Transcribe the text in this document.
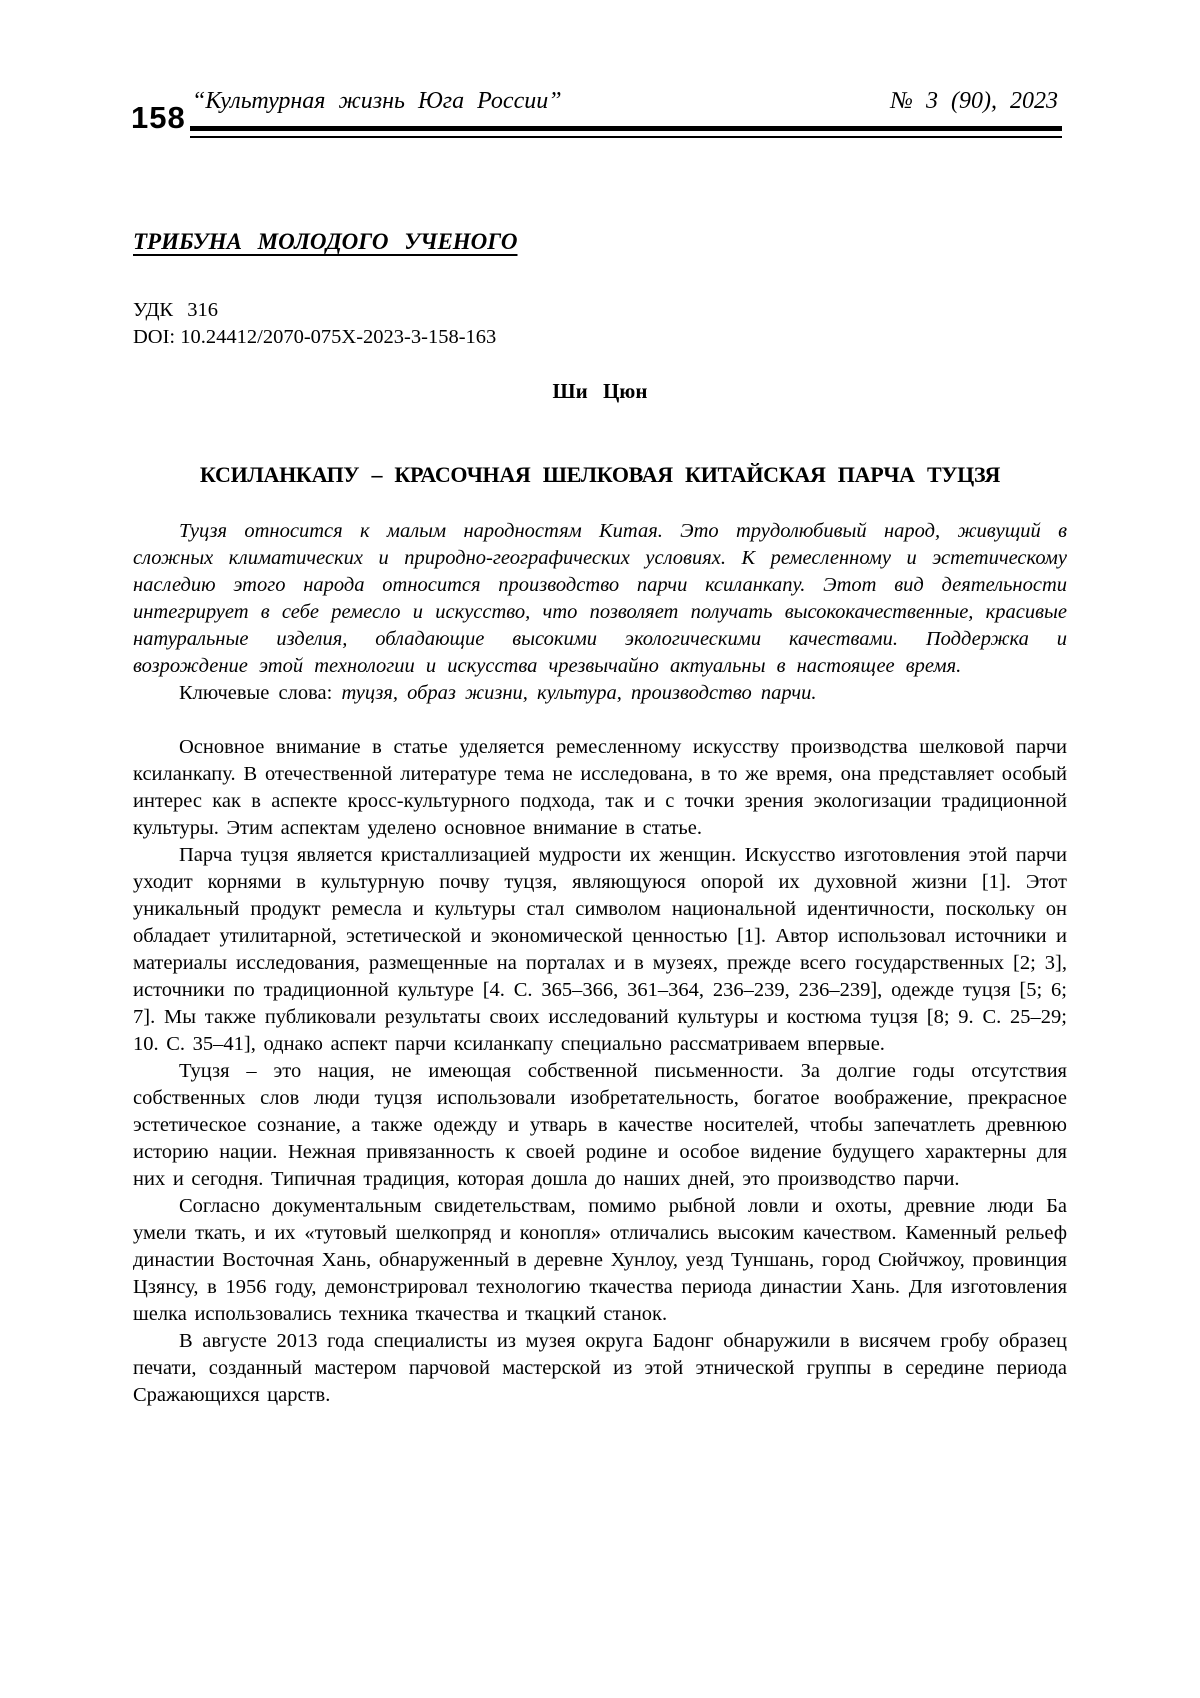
158 “Культурная жизнь Юга России”	№ 3 (90), 2023
ТРИБУНА МОЛОДОГО УЧЕНОГО
УДК 316
DOI: 10.24412/2070-075X-2023-3-158-163
Ши Цюн
КСИЛАНКАПУ – КРАСОЧНАЯ ШЕЛКОВАЯ КИТАЙСКАЯ ПАРЧА ТУЦЗЯ

Туцзя относится к малым народностям Китая. Это трудолюбивый народ, живущий в сложных климатических и природно-географических условиях. К ремесленному и эстетическому наследию этого народа относится производство парчи ксиланкапу. Этот вид деятельности интегрирует в себе ремесло и искусство, что позволяет получать высококачественные, красивые натуральные изделия, обладающие высокими экологическими качествами. Поддержка и возрождение этой технологии и искусства чрезвычайно актуальны в настоящее время.

Ключевые слова: туцзя, образ жизни, культура, производство парчи.

Основное внимание в статье уделяется ремесленному искусству производства шелковой парчи ксиланкапу. В отечественной литературе тема не исследована, в то же время, она представляет особый интерес как в аспекте кросс-культурного подхода, так и с точки зрения экологизации традиционной культуры. Этим аспектам уделено основное внимание в статье.

Парча туцзя является кристаллизацией мудрости их женщин. Искусство изготовления этой парчи уходит корнями в культурную почву туцзя, являющуюся опорой их духовной жизни [1]. Этот уникальный продукт ремесла и культуры стал символом национальной идентичности, поскольку он обладает утилитарной, эстетической и экономической ценностью [1]. Автор использовал источники и материалы исследования, размещенные на порталах и в музеях, прежде всего государственных [2; 3], источники по традиционной культуре [4. С. 365–366, 361–364, 236–239, 236–239], одежде туцзя [5; 6; 7]. Мы также публиковали результаты своих исследований культуры и костюма туцзя [8; 9. С. 25–29; 10. С. 35–41], однако аспект парчи ксиланкапу специально рассматриваем впервые.

Туцзя – это нация, не имеющая собственной письменности. За долгие годы отсутствия собственных слов люди туцзя использовали изобретательность, богатое воображение, прекрасное эстетическое сознание, а также одежду и утварь в качестве носителей, чтобы запечатлеть древнюю историю нации. Нежная привязанность к своей родине и особое видение будущего характерны для них и сегодня. Типичная традиция, которая дошла до наших дней, это производство парчи.

Согласно документальным свидетельствам, помимо рыбной ловли и охоты, древние люди Ба умели ткать, и их «тутовый шелкопряд и конопля» отличались высоким качеством. Каменный рельеф династии Восточная Хань, обнаруженный в деревне Хунлоу, уезд Туншань, город Сюйчжоу, провинция Цзянсу, в 1956 году, демонстрировал технологию ткачества периода династии Хань. Для изготовления шелка использовались техника ткачества и ткацкий станок.

В августе 2013 года специалисты из музея округа Бадонг обнаружили в висячем гробу образец печати, созданный мастером парчовой мастерской из этой этнической группы в середине периода Сражающихся царств.
